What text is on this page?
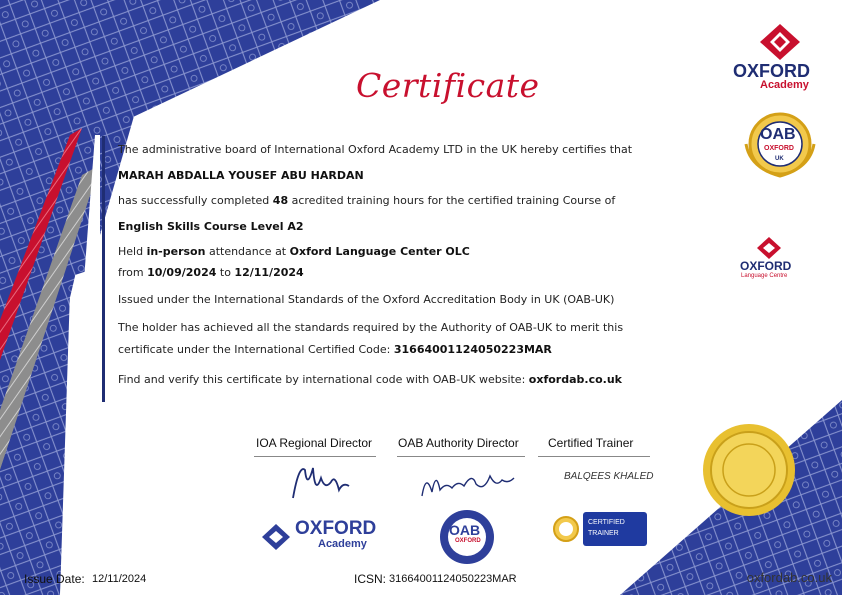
Certificate
The administrative board of International Oxford Academy LTD in the UK hereby certifies that
MARAH ABDALLA YOUSEF ABU HARDAN
has successfully completed 48 acredited training hours for the certified training Course of
English Skills Course Level A2
Held in-person attendance at Oxford Language Center OLC
from 10/09/2024 to 12/11/2024
Issued under the International Standards of the Oxford Accreditation Body in UK (OAB-UK)
The holder has achieved all the standards required by the Authority of OAB-UK to merit this
certificate under the International Certified Code: 31664001124050223MAR
Find and verify this certificate by international code with OAB-UK website: oxfordab.co.uk
OXFORD
Academy
OAB
OXFORD
UK
OXFORD
Language Centre
IOA Regional Director OAB Authority Director Certified Trainer
BALQEES KHALED
OXFORD
Academy
OAB
OXFORD
CERTIFIED
TRAINER
Issue Date: 12/11/2024	ICSN: 31664001124050223MAR	oxfordab.co.uk
